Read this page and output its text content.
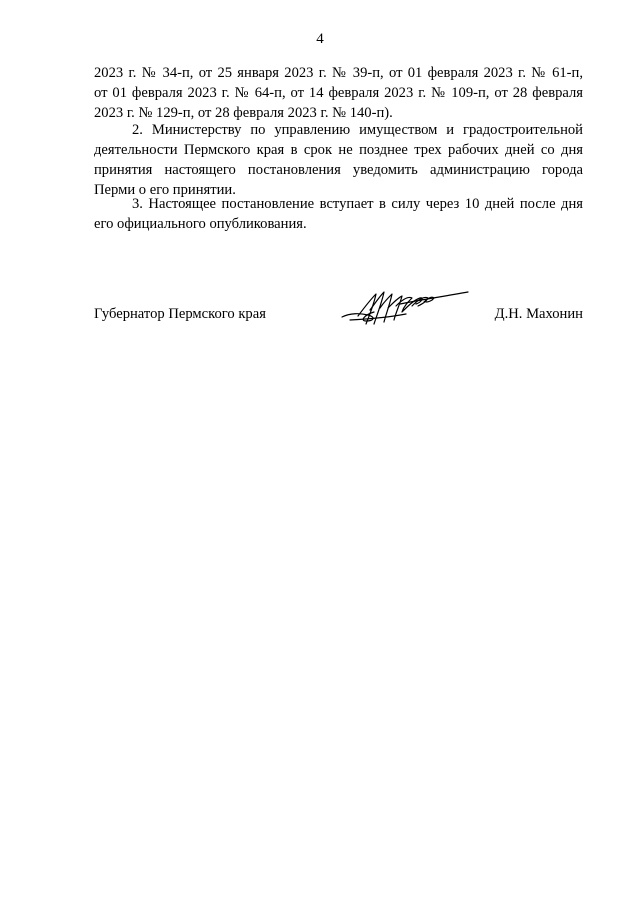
4
2023 г. № 34-п, от 25 января 2023 г. № 39-п, от 01 февраля 2023 г. № 61-п,
от 01 февраля 2023 г. № 64-п, от 14 февраля 2023 г. № 109-п, от 28 февраля
2023 г. № 129-п, от 28 февраля 2023 г. № 140-п).
2. Министерству по управлению имуществом и градостроительной
деятельности Пермского края в срок не позднее трех рабочих дней со дня
принятия настоящего постановления уведомить администрацию города
Перми о его принятии.
3. Настоящее постановление вступает в силу через 10 дней после дня
его официального опубликования.
Губернатор Пермского края	Д.Н. Махонин
